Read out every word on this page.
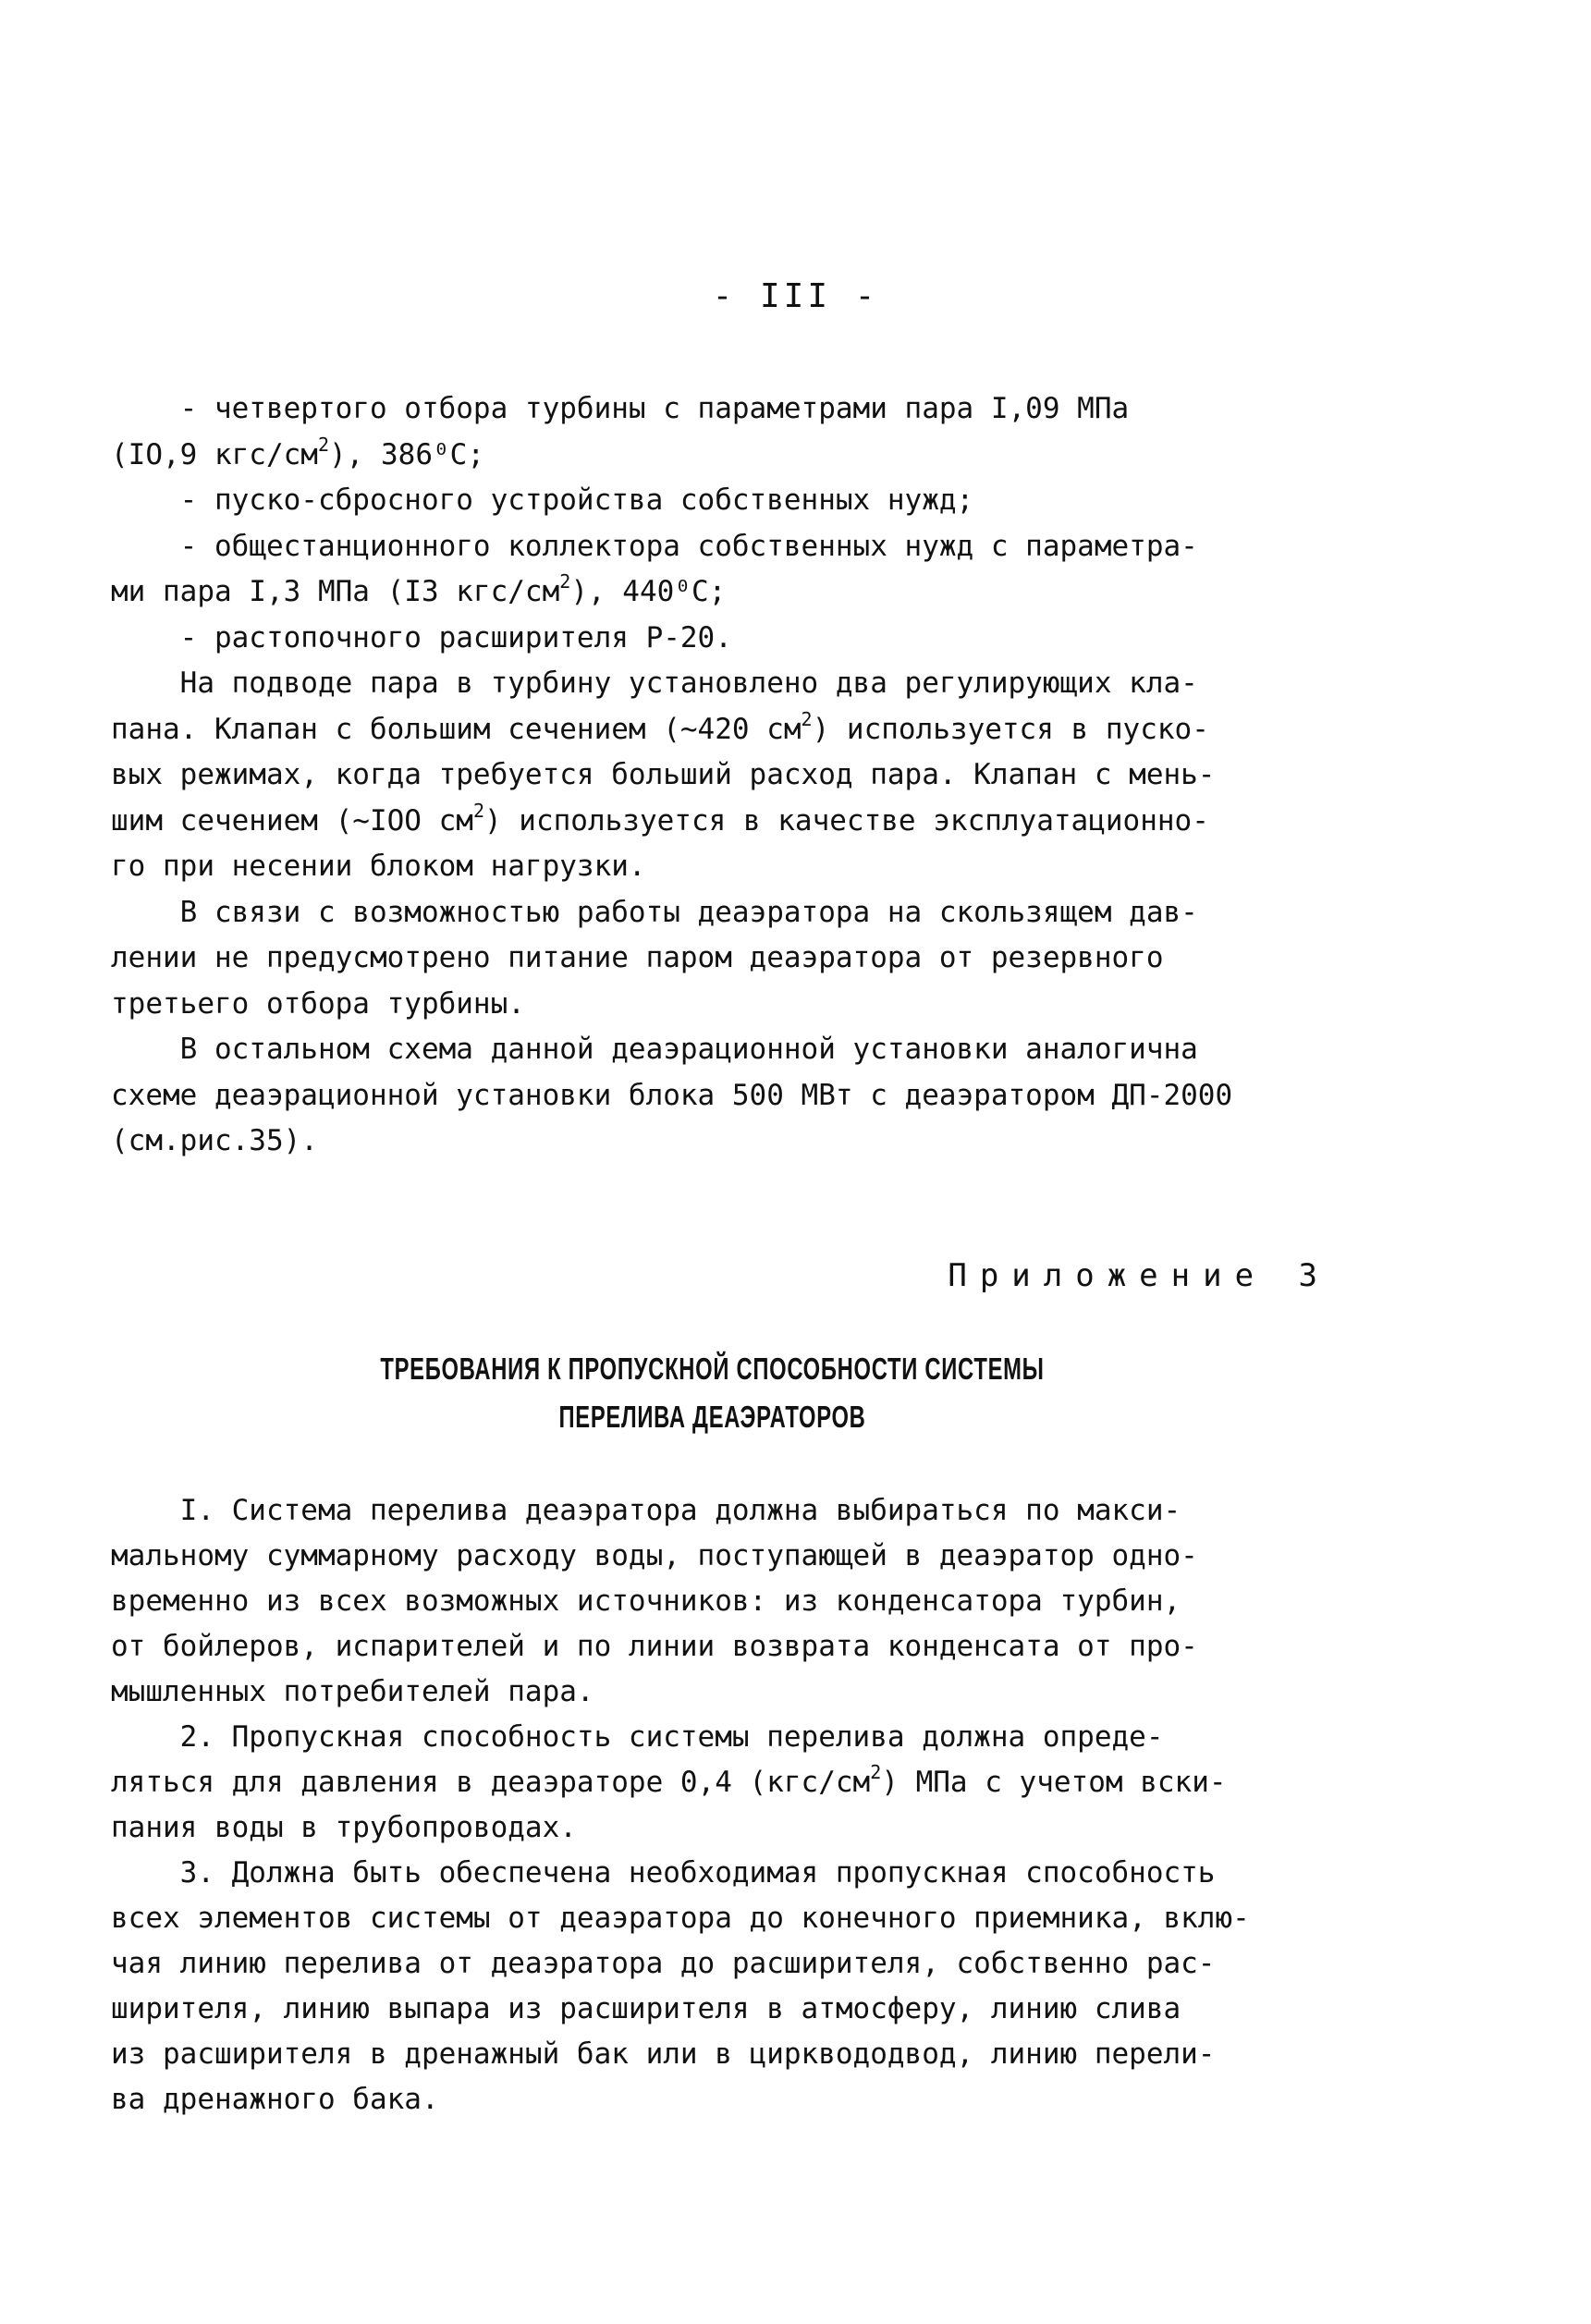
- III -
- четвертого отбора турбины с параметрами пара I,09 МПа
(IO,9 кгс/$см^2$), 386⁰С;
- пуско-сбросного устройства собственных нужд;
- общестанционного коллектора собственных нужд с параметра-
ми пара I,3 МПа (I3 кгс/$см^2$), 440⁰С;
- растопочного расширителя Р-20.
На подводе пара в турбину установлено два регулирующих кла-
пана. Клапан с большим сечением (~420 $см^2$) используется в пуско-
вых режимах, когда требуется больший расход пара. Клапан с мень-
шим сечением (~IOO $см^2$) используется в качестве эксплуатационно-
го при несении блоком нагрузки.
В связи с возможностью работы деаэратора на скользящем дав-
лении не предусмотрено питание паром деаэратора от резервного
третьего отбора турбины.
В остальном схема данной деаэрационной установки аналогична
схеме деаэрационной установки блока 500 МВт с деаэратором ДП-2000
(см.рис.35).
Приложение 3
ТРЕБОВАНИЯ К ПРОПУСКНОЙ СПОСОБНОСТИ СИСТЕМЫ
ПЕРЕЛИВА ДЕАЭРАТОРОВ
I. Система перелива деаэратора должна выбираться по макси-
мальному суммарному расходу воды, поступающей в деаэратор одно-
временно из всех возможных источников: из конденсатора турбин,
от бойлеров, испарителей и по линии возврата конденсата от про-
мышленных потребителей пара.
2. Пропускная способность системы перелива должна опреде-
ляться для давления в деаэраторе 0,4 $(кгс/см^2)$ МПа с учетом вски-
пания воды в трубопроводах.
3. Должна быть обеспечена необходимая пропускная способность
всех элементов системы от деаэратора до конечного приемника, вклю-
чая линию перелива от деаэратора до расширителя, собственно рас-
ширителя, линию выпара из расширителя в атмосферу, линию слива
из расширителя в дренажный бак или в цирквододвод, линию перели-
ва дренажного бака.
